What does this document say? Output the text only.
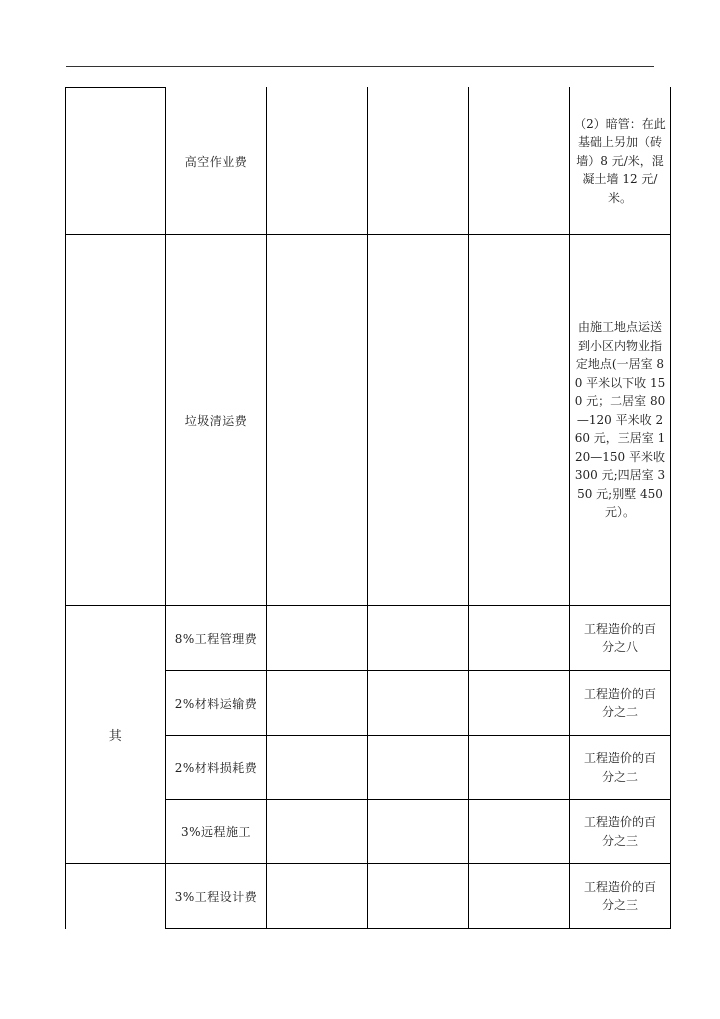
高空作业费
（2）暗管：在此基础上另加（砖墙）8 元/米，混凝土墙 12 元/米。
垃圾清运费
由施工地点运送到小区内物业指定地点(一居室 80 平米以下收 150 元；二居室 80—120 平米收 260 元，三居室 120—150 平米收 300 元;四居室 350 元;别墅 450 元）。
其
8%工程管理费
工程造价的百分之八
2%材料运输费
工程造价的百分之二
2%材料损耗费
工程造价的百分之二
3%远程施工
工程造价的百分之三
3%工程设计费
工程造价的百分之三
